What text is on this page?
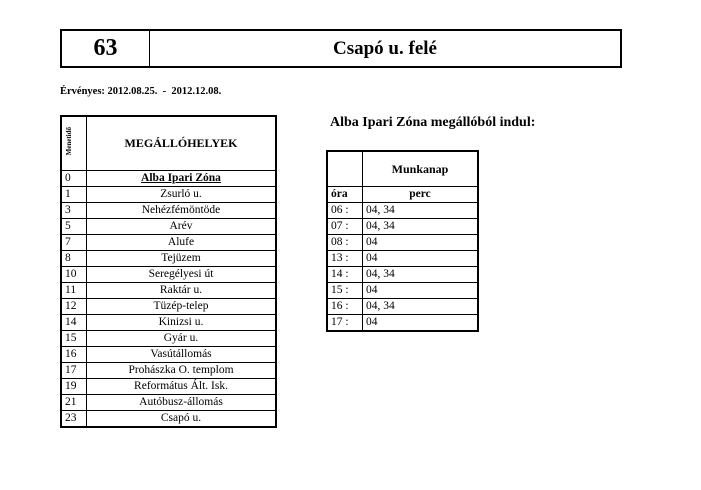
63	Csapó u. felé
Érvényes: 2012.08.25.  -  2012.12.08.
Menetidő	MEGÁLLÓHELYEK
0	Alba Ipari Zóna
1	Zsurló u.
3	Nehézfémöntöde
5	Arév
7	Alufe
8	Tejüzem
10	Seregélyesi út
11	Raktár u.
12	Tüzép-telep
14	Kinizsi u.
15	Gyár u.
16	Vasútállomás
17	Prohászka O. templom
19	Református Ált. Isk.
21	Autóbusz-állomás
23	Csapó u.
Alba Ipari Zóna megállóból indul:
	Munkanap
óra	perc
06 :	04, 34
07 :	04, 34
08 :	04
13 :	04
14 :	04, 34
15 :	04
16 :	04, 34
17 :	04
